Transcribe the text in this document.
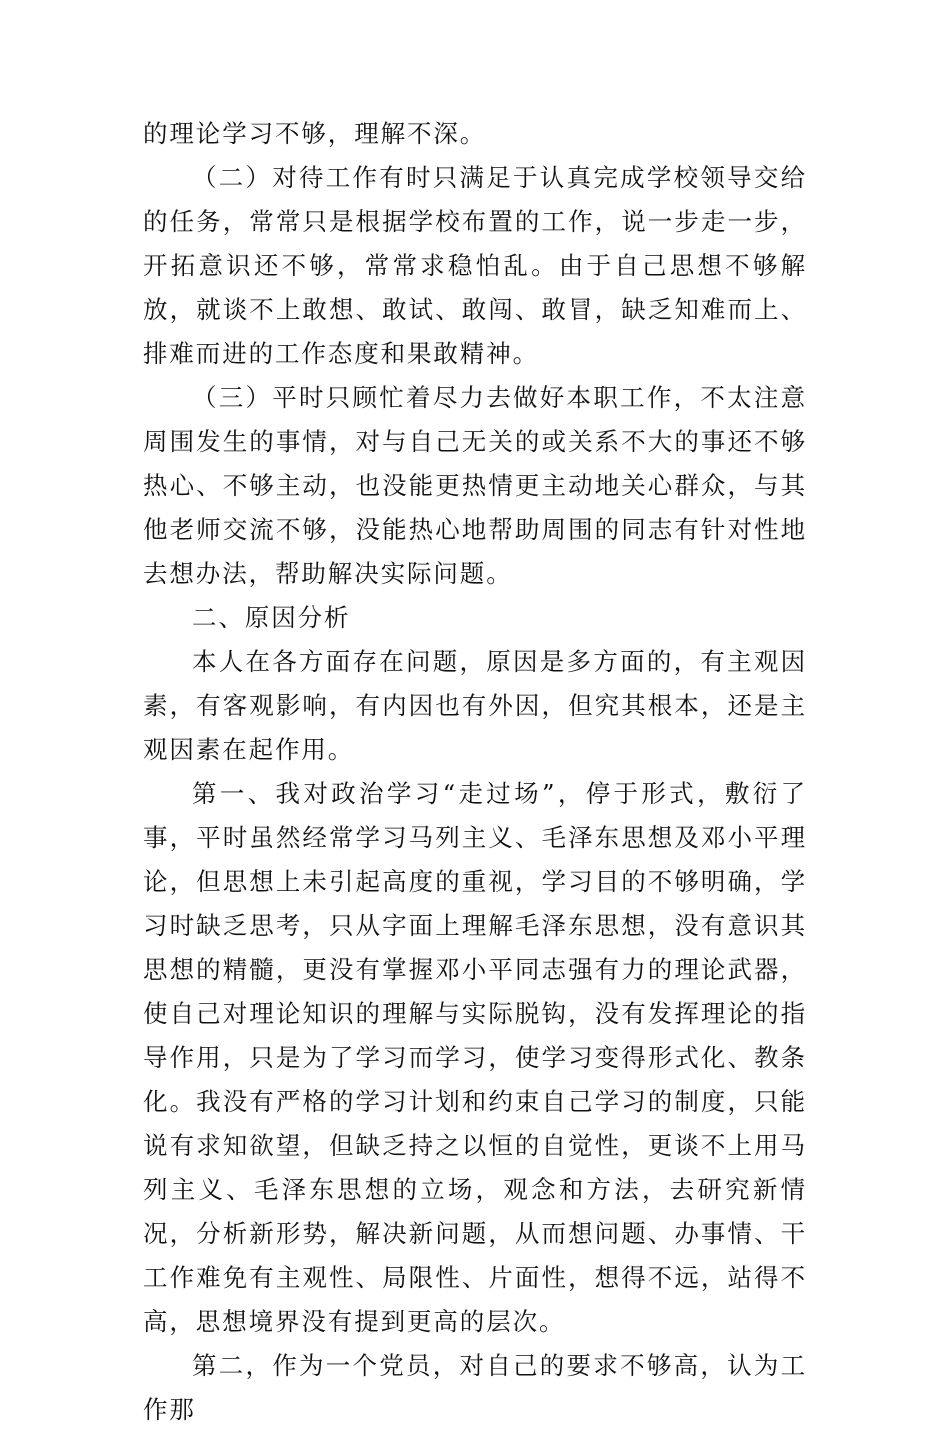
的理论学习不够，理解不深。

（二）对待工作有时只满足于认真完成学校领导交给的任务，常常只是根据学校布置的工作，说一步走一步，开拓意识还不够，常常求稳怕乱。由于自己思想不够解放，就谈不上敢想、敢试、敢闯、敢冒，缺乏知难而上、排难而进的工作态度和果敢精神。

（三）平时只顾忙着尽力去做好本职工作，不太注意周围发生的事情，对与自己无关的或关系不大的事还不够热心、不够主动，也没能更热情更主动地关心群众，与其他老师交流不够，没能热心地帮助周围的同志有针对性地去想办法，帮助解决实际问题。

二、原因分析

本人在各方面存在问题，原因是多方面的，有主观因素，有客观影响，有内因也有外因，但究其根本，还是主观因素在起作用。

第一、我对政治学习“走过场”，停于形式，敷衍了事，平时虽然经常学习马列主义、毛泽东思想及邓小平理论，但思想上未引起高度的重视，学习目的不够明确，学习时缺乏思考，只从字面上理解毛泽东思想，没有意识其思想的精髓，更没有掌握邓小平同志强有力的理论武器，使自己对理论知识的理解与实际脱钩，没有发挥理论的指导作用，只是为了学习而学习，使学习变得形式化、教条化。我没有严格的学习计划和约束自己学习的制度，只能说有求知欲望，但缺乏持之以恒的自觉性，更谈不上用马列主义、毛泽东思想的立场，观念和方法，去研究新情况，分析新形势，解决新问题，从而想问题、办事情、干工作难免有主观性、局限性、片面性，想得不远，站得不高，思想境界没有提到更高的层次。

第二，作为一个党员，对自己的要求不够高，认为工作那
